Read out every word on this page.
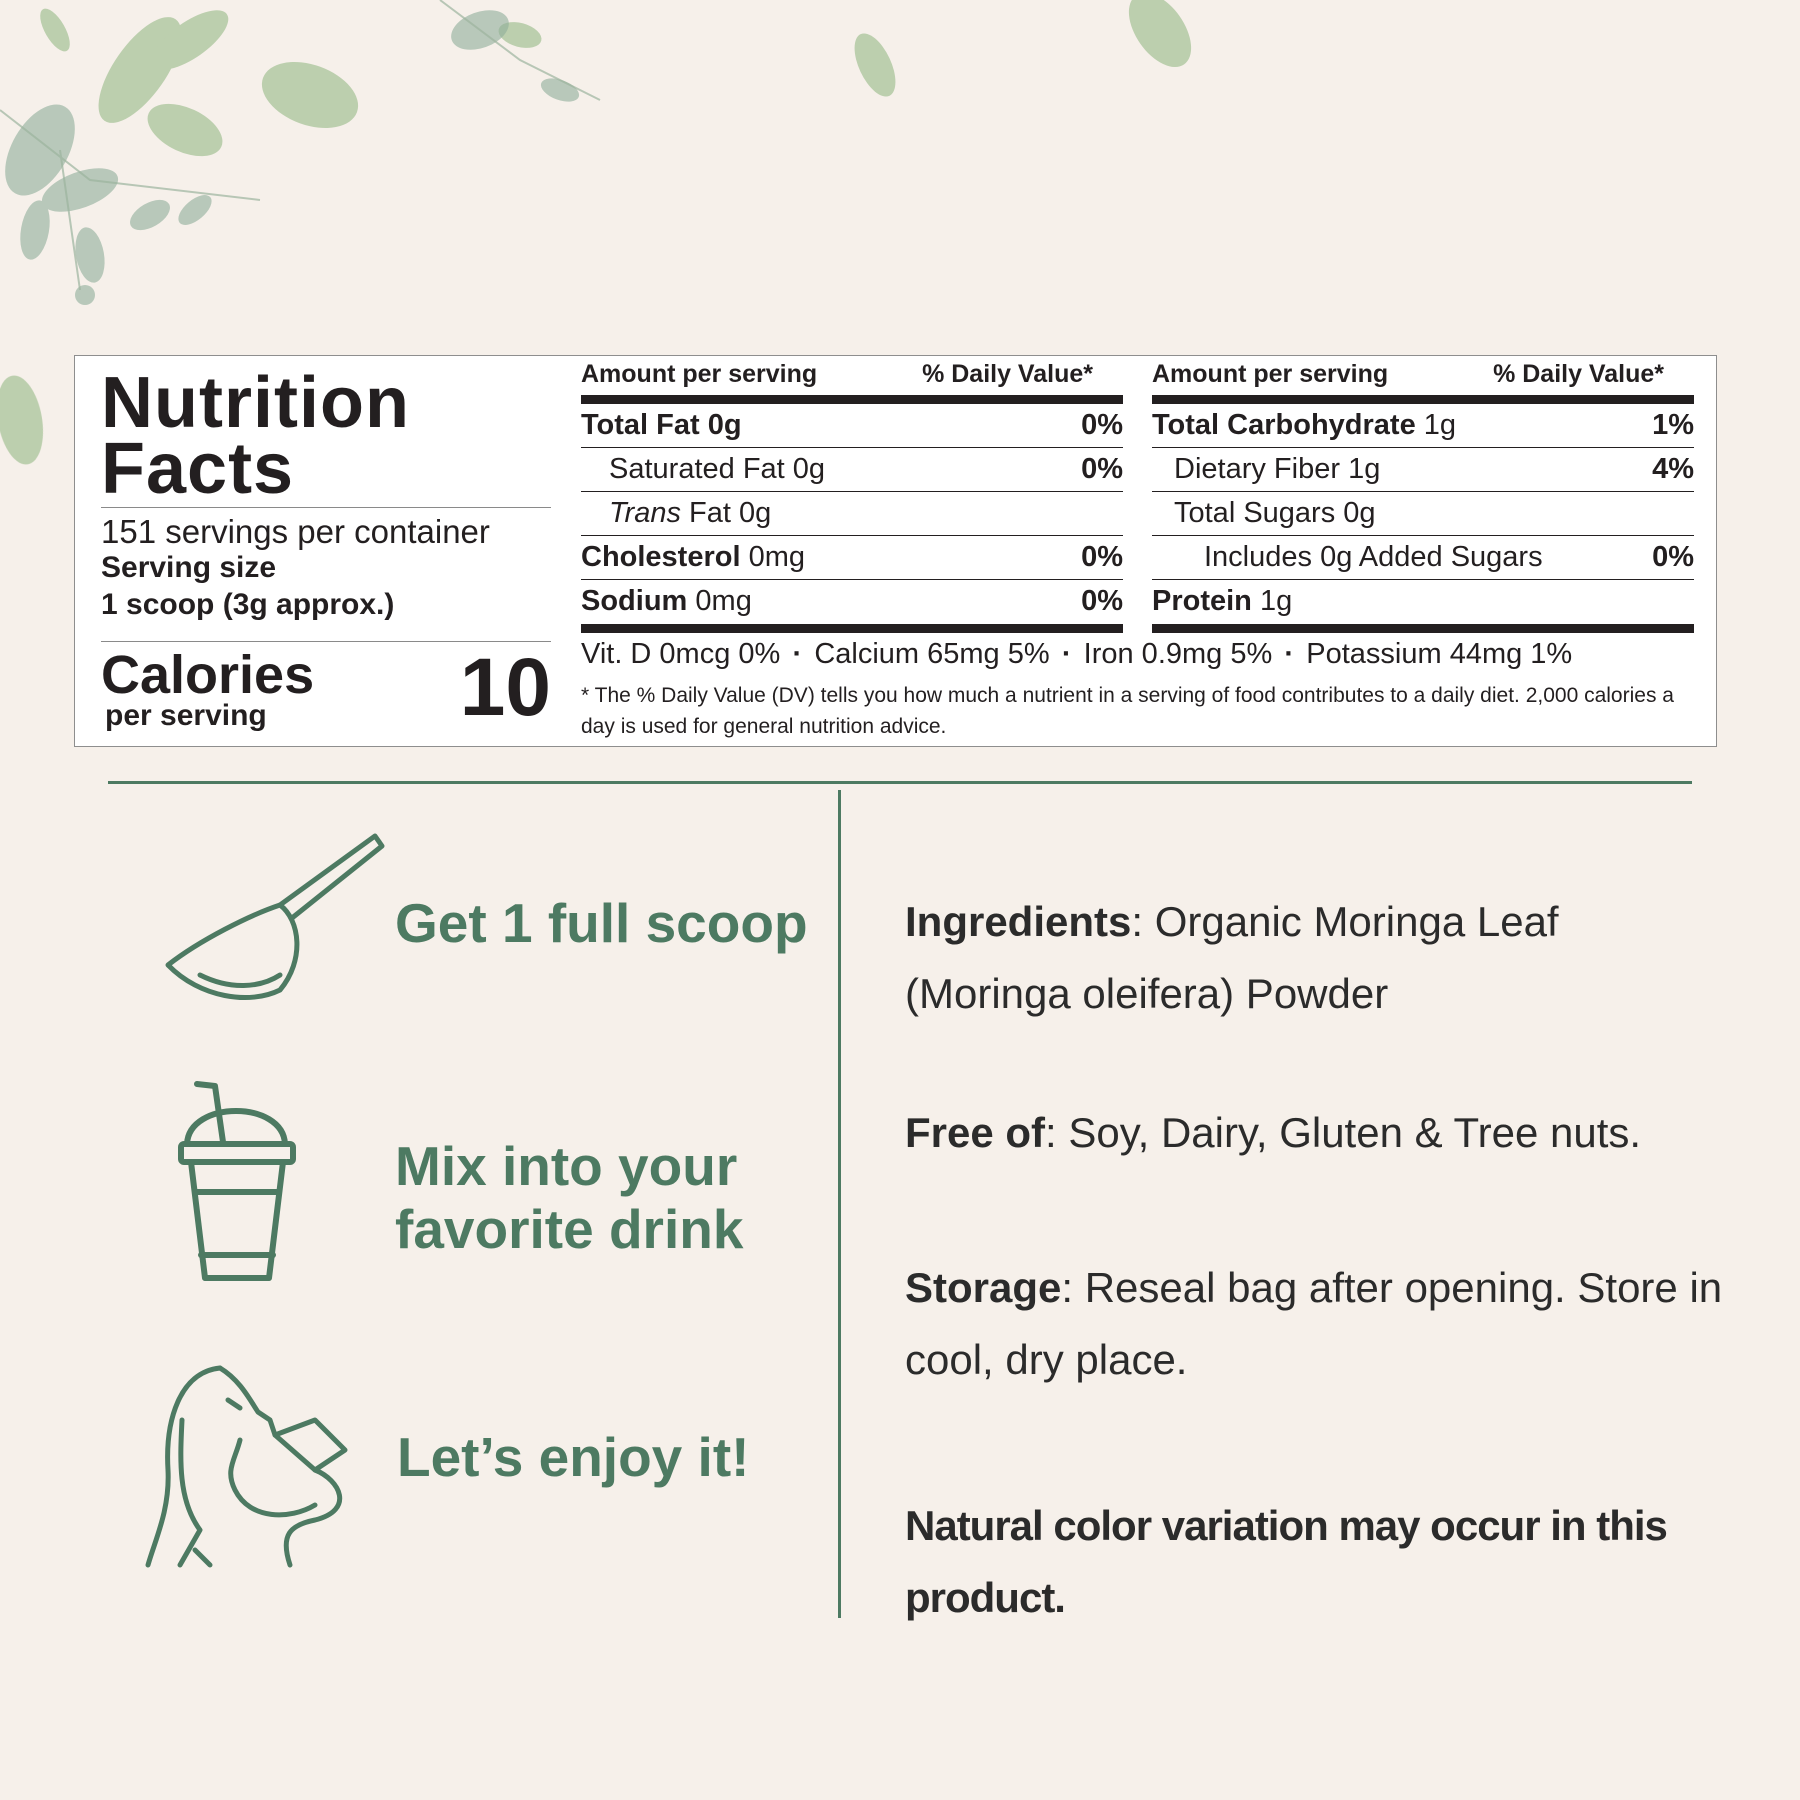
Nutrition Facts
151 servings per container
Serving size
1 scoop (3g approx.)
Calories
per serving 10
Amount per serving	% Daily Value*
Total Fat 0g	0%
Saturated Fat 0g	0%
Trans Fat 0g
Cholesterol 0mg	0%
Sodium 0mg	0%
Amount per serving	% Daily Value*
Total Carbohydrate 1g	1%
Dietary Fiber 1g	4%
Total Sugars 0g
Includes 0g Added Sugars	0%
Protein 1g
Vit. D 0mcg 0% · Calcium 65mg 5% · Iron 0.9mg 5% · Potassium 44mg 1%
* The % Daily Value (DV) tells you how much a nutrient in a serving of food contributes to a daily diet. 2,000 calories a day is used for general nutrition advice.
Get 1 full scoop
Mix into your
favorite drink
Let’s enjoy it!

Ingredients: Organic Moringa Leaf (Moringa oleifera) Powder

Free of: Soy, Dairy, Gluten & Tree nuts.

Storage: Reseal bag after opening. Store in cool, dry place.

Natural color variation may occur in this product.
